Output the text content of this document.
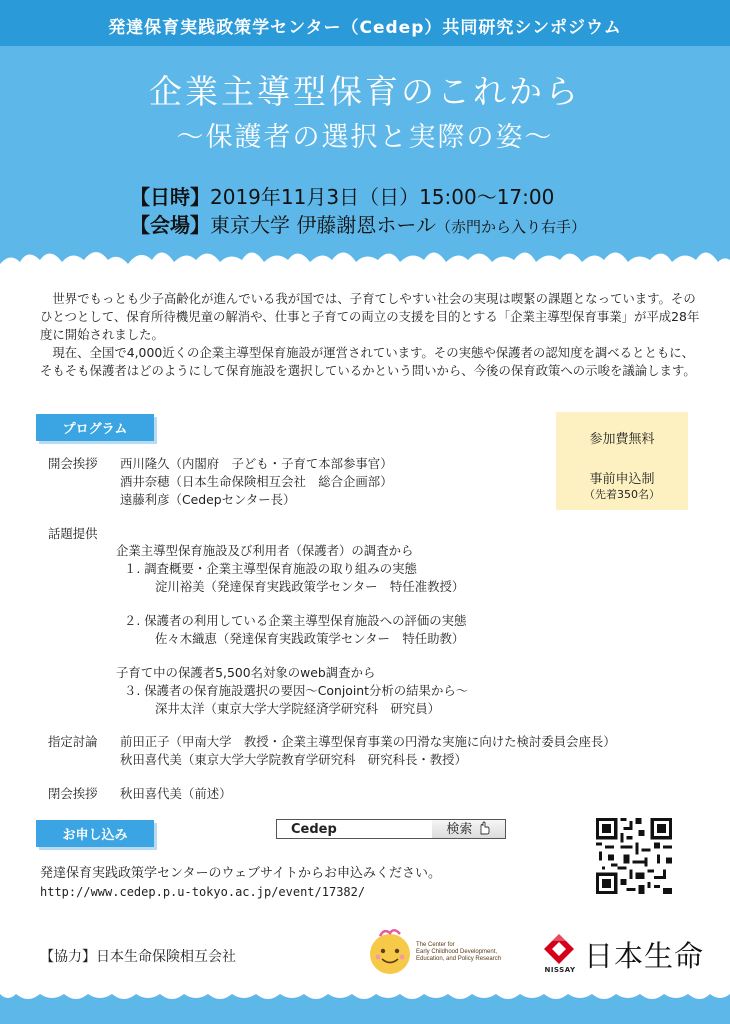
発達保育実践政策学センター（Cedep）共同研究シンポジウム
企業主導型保育のこれから
～保護者の選択と実際の姿～
【日時】2019年11月3日（日）15:00～17:00
【会場】東京大学 伊藤謝恩ホール（赤門から入り右手）

世界でもっとも少子高齢化が進んでいる我が国では、子育てしやすい社会の実現は喫緊の課題となっています。そのひとつとして、保育所待機児童の解消や、仕事と子育ての両立の支援を目的とする「企業主導型保育事業」が平成28年度に開始されました。

現在、全国で4,000近くの企業主導型保育施設が運営されています。その実態や保護者の認知度を調べるとともに、そもそも保護者はどのようにして保育施設を選択しているかという問いから、今後の保育政策への示唆を議論します。

プログラム
参加費無料
事前申込制
（先着350名）
開会挨拶 西川隆久（内閣府　子ども・子育て本部参事官）
酒井奈穂（日本生命保険相互会社　総合企画部）
遠藤利彦（Cedepセンター長）
話題提供
企業主導型保育施設及び利用者（保護者）の調査から
１. 調査概要・企業主導型保育施設の取り組みの実態
淀川裕美（発達保育実践政策学センター　特任准教授）
２. 保護者の利用している企業主導型保育施設への評価の実態
佐々木織恵（発達保育実践政策学センター　特任助教）
子育て中の保護者5,500名対象のweb調査から
３. 保護者の保育施設選択の要因～Conjoint分析の結果から～
深井太洋（東京大学大学院経済学研究科　研究員）
指定討論 前田正子（甲南大学　教授・企業主導型保育事業の円滑な実施に向けた検討委員会座長）
秋田喜代美（東京大学大学院教育学研究科　研究科長・教授）
閉会挨拶 秋田喜代美（前述）
お申し込み	Cedep	検索
発達保育実践政策学センターのウェブサイトからお申込みください。
http://www.cedep.p.u-tokyo.ac.jp/event/17382/
【協力】日本生命保険相互会社
The Center for Early Childhood Development, Education, and Policy Research
NISSAY 日本生命
